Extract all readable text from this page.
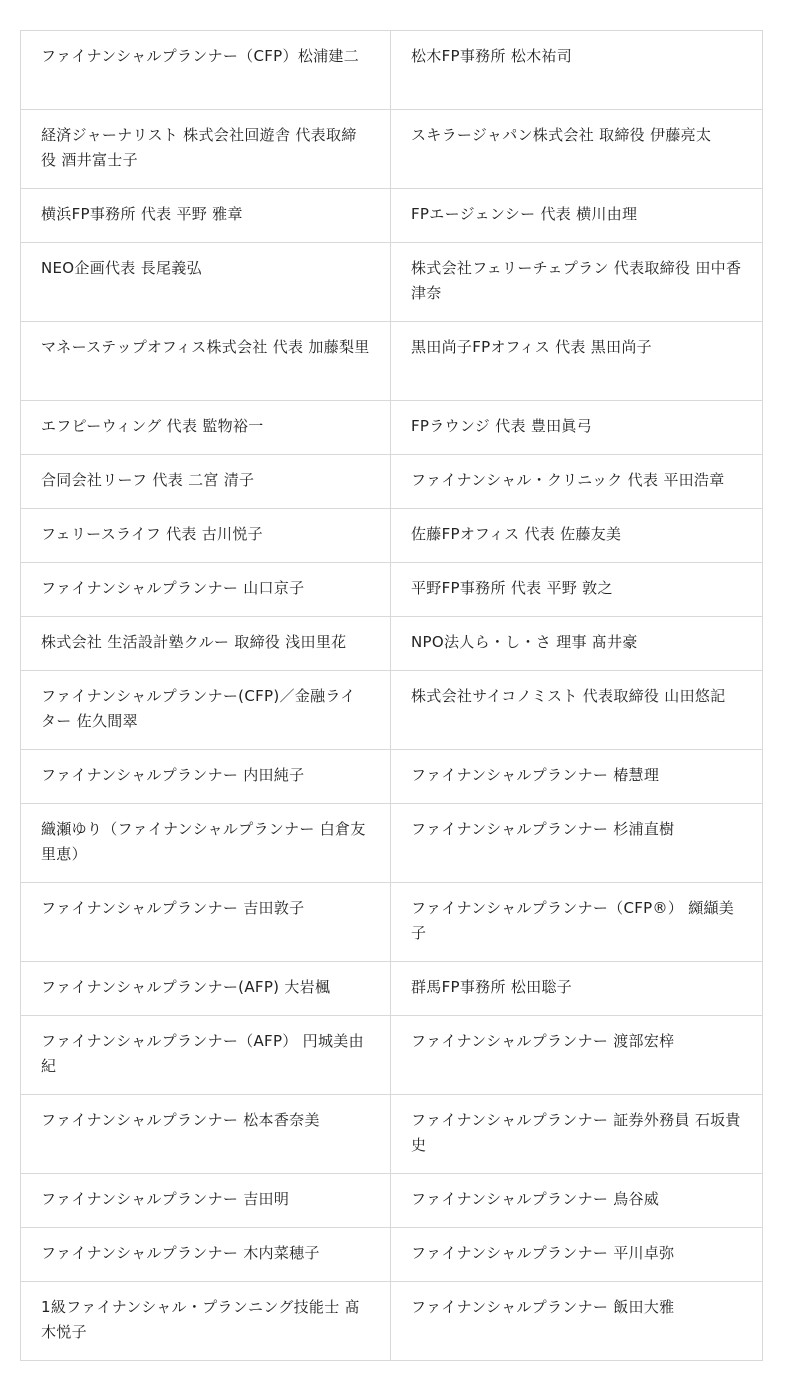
ファイナンシャルプランナー（CFP）松浦建二	松木FP事務所 松木祐司
経済ジャーナリスト 株式会社回遊舎 代表取締役 酒井富士子	スキラージャパン株式会社 取締役 伊藤亮太
横浜FP事務所 代表 平野 雅章	FPエージェンシー 代表 横川由理
NEO企画代表 長尾義弘	株式会社フェリーチェプラン 代表取締役 田中香津奈
マネーステップオフィス株式会社 代表 加藤梨里	黒田尚子FPオフィス 代表 黒田尚子
エフピーウィング 代表 監物裕一	FPラウンジ 代表 豊田眞弓
合同会社リーフ 代表 二宮 清子	ファイナンシャル・クリニック 代表 平田浩章
フェリースライフ 代表 古川悦子	佐藤FPオフィス 代表 佐藤友美
ファイナンシャルプランナー 山口京子	平野FP事務所 代表 平野 敦之
株式会社 生活設計塾クルー 取締役 浅田里花	NPO法人ら・し・さ 理事 髙井豪
ファイナンシャルプランナー(CFP)／金融ライター 佐久間翠	株式会社サイコノミスト 代表取締役 山田悠記
ファイナンシャルプランナー 内田純子	ファイナンシャルプランナー 椿慧理
織瀬ゆり（ファイナンシャルプランナー 白倉友里恵）	ファイナンシャルプランナー 杉浦直樹
ファイナンシャルプランナー 吉田敦子	ファイナンシャルプランナー（CFP®） 纐纈美子
ファイナンシャルプランナー(AFP) 大岩楓	群馬FP事務所 松田聡子
ファイナンシャルプランナー（AFP） 円城美由紀	ファイナンシャルプランナー 渡部宏梓
ファイナンシャルプランナー 松本香奈美	ファイナンシャルプランナー 証券外務員 石坂貴史
ファイナンシャルプランナー 吉田明	ファイナンシャルプランナー 鳥谷威
ファイナンシャルプランナー 木内菜穂子	ファイナンシャルプランナー 平川卓弥
1級ファイナンシャル・プランニング技能士 髙木悦子	ファイナンシャルプランナー 飯田大雅
